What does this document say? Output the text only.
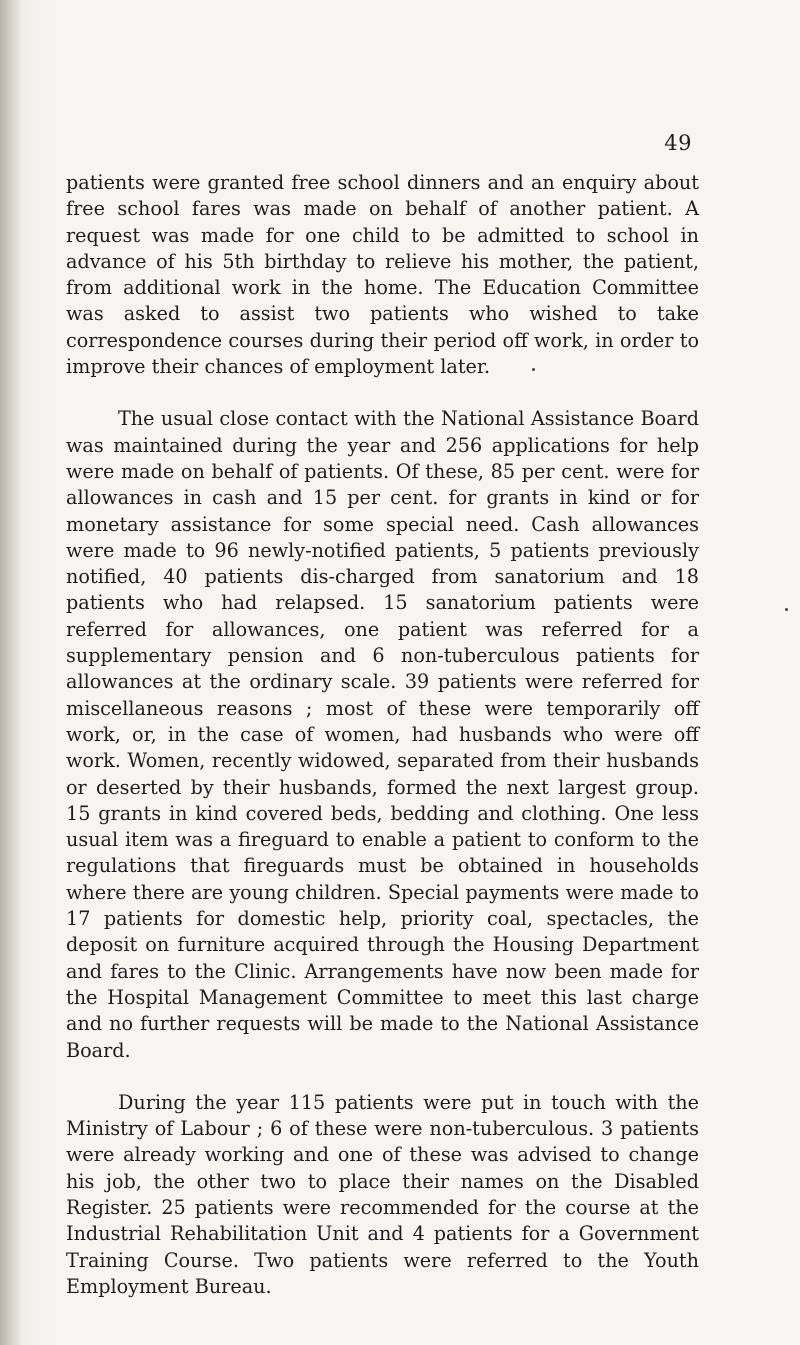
49

patients were granted free school dinners and an enquiry about free school fares was made on behalf of another patient. A request was made for one child to be admitted to school in advance of his 5th birthday to relieve his mother, the patient, from additional work in the home. The Education Committee was asked to assist two patients who wished to take correspondence courses during their period off work, in order to improve their chances of employment later.

The usual close contact with the National Assistance Board was maintained during the year and 256 applications for help were made on behalf of patients. Of these, 85 per cent. were for allowances in cash and 15 per cent. for grants in kind or for monetary assistance for some special need. Cash allowances were made to 96 newly-notified patients, 5 patients previously notified, 40 patients dis-charged from sanatorium and 18 patients who had relapsed. 15 sanatorium patients were referred for allowances, one patient was referred for a supplementary pension and 6 non-tuberculous patients for allowances at the ordinary scale. 39 patients were referred for miscellaneous reasons ; most of these were temporarily off work, or, in the case of women, had husbands who were off work. Women, recently widowed, separated from their husbands or deserted by their husbands, formed the next largest group. 15 grants in kind covered beds, bedding and clothing. One less usual item was a fireguard to enable a patient to conform to the regulations that fireguards must be obtained in households where there are young children. Special payments were made to 17 patients for domestic help, priority coal, spectacles, the deposit on furniture acquired through the Housing Department and fares to the Clinic. Arrangements have now been made for the Hospital Management Committee to meet this last charge and no further requests will be made to the National Assistance Board.

During the year 115 patients were put in touch with the Ministry of Labour ; 6 of these were non-tuberculous. 3 patients were already working and one of these was advised to change his job, the other two to place their names on the Disabled Register. 25 patients were recommended for the course at the Industrial Rehabilitation Unit and 4 patients for a Government Training Course. Two patients were referred to the Youth Employment Bureau.
